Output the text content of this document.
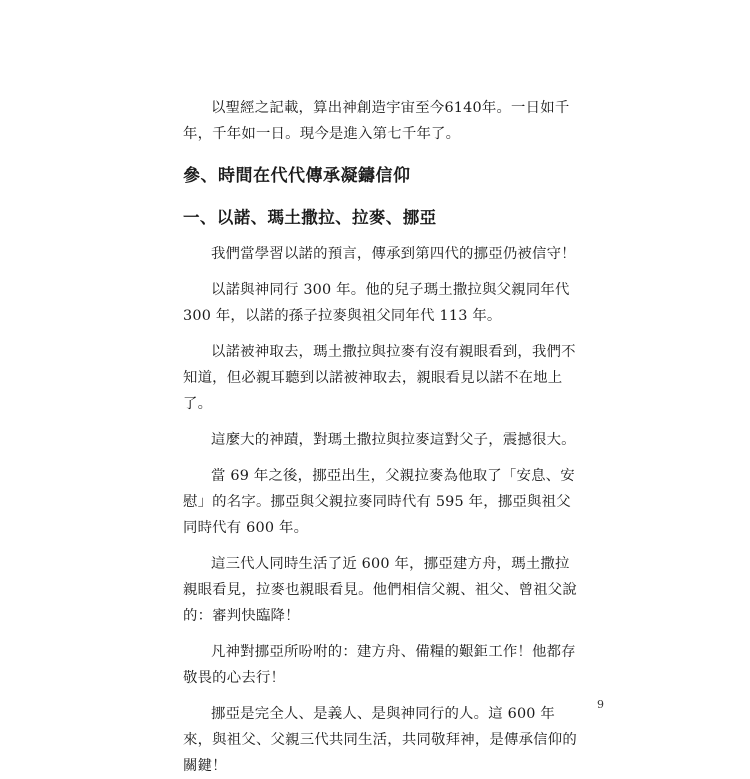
以聖經之記載，算出神創造宇宙至今6140年。一日如千年，千年如一日。現今是進入第七千年了。

參、時間在代代傳承凝鑄信仰
一、以諾、瑪土撒拉、拉麥、挪亞

我們當學習以諾的預言，傳承到第四代的挪亞仍被信守！

以諾與神同行 300 年。他的兒子瑪土撒拉與父親同年代 300 年，以諾的孫子拉麥與祖父同年代 113 年。

以諾被神取去，瑪土撒拉與拉麥有沒有親眼看到，我們不知道，但必親耳聽到以諾被神取去，親眼看見以諾不在地上了。

這麼大的神蹟，對瑪土撒拉與拉麥這對父子，震撼很大。

當 69 年之後，挪亞出生，父親拉麥為他取了「安息、安慰」的名字。挪亞與父親拉麥同時代有 595 年，挪亞與祖父同時代有 600 年。

這三代人同時生活了近 600 年，挪亞建方舟，瑪土撒拉親眼看見，拉麥也親眼看見。他們相信父親、祖父、曾祖父說的：審判快臨降！

凡神對挪亞所吩咐的：建方舟、備糧的艱鉅工作！他都存敬畏的心去行！

挪亞是完全人、是義人、是與神同行的人。這 600 年來，與祖父、父親三代共同生活，共同敬拜神，是傳承信仰的關鍵！

9
